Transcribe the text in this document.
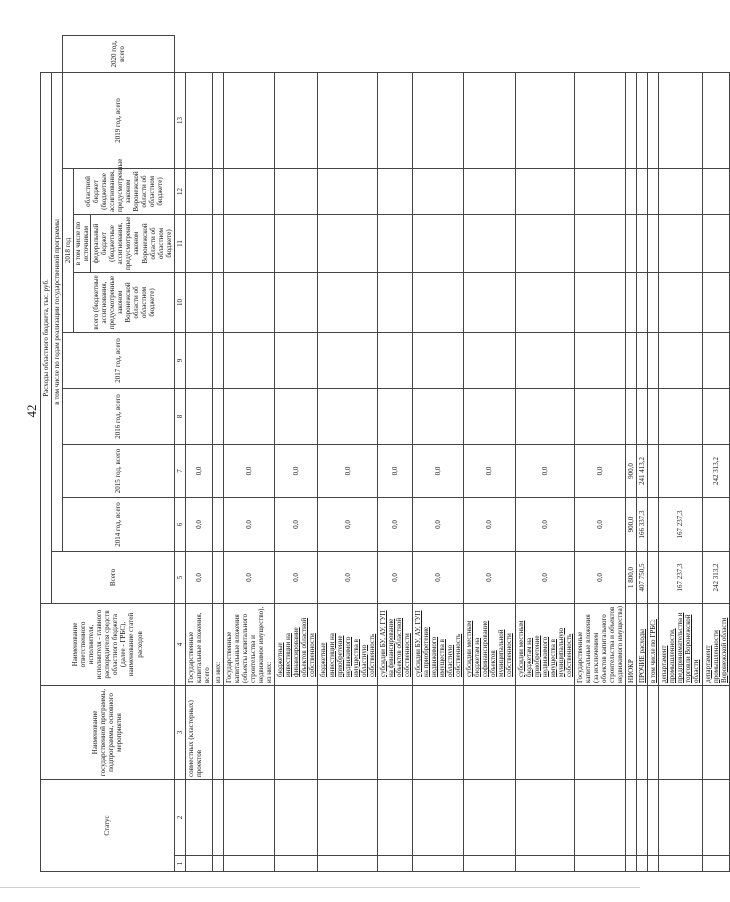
42
Статус		Наименование государственной программы, подпрограммы, основного мероприятия	Наименование ответственного исполнителя, исполнителя - главного распорядителя средств областного бюджета (далее - ГРБС), наименование статей расходов	Расходы областного бюджета, тыс. руб.									
				Всего	в том числе по годам реализации государственной программы								
					2014 год, всего	2015 год, всего	2016 год, всего	2017 год, всего	2018 год			2019 год, всего	2020 год, всего
									всего (бюджетные ассигнования, предусмотренные законом Воронежской области об областном бюджете)	в том числе по источникам федеральный бюджет (бюджетные ассигнования, предусмотренные законом Воронежской области об областном бюджете)	областной бюджет (бюджетные ассигнования, предусмотренные законом Воронежской области об областном бюджете)		
1	2	3	4	5	6	7	8	9	10	11	12	13	
		совместных (кластерных) проектов	Государственные капитальные вложения, всего	0,0	0,0	0,0							
			из них:										
			Государственные капитальные вложения (объекты капитального строительства и недвижимое имущество), из них:	0,0	0,0	0,0							
			бюджетные инвестиции на финансирование объектов областной собственности	0,0	0,0	0,0							
			бюджетные инвестиции на приобретение недвижимого имущества в областную собственность	0,0	0,0	0,0							
			субсидии БУ, АУ, ГУП на финансирование объектов областной собственности	0,0	0,0	0,0							
			субсидии БУ, АУ, ГУП на приобретение недвижимого имущества в областную собственность	0,0	0,0	0,0							
			субсидии местным бюджетам на софинансирование объектов муниципальной собственности	0,0	0,0	0,0							
			субсидии местным бюджетам на приобретение недвижимого имущества в муниципальную собственность	0,0	0,0	0,0							
			Государственные капитальные вложения (за исключением объектов капитального строительства и объектов недвижимого имущества)	0,0	0,0	0,0							
			НИОКР	1 800,0	900,0	900,0							
			ПРОЧИЕ расходы	407 750,5	166 337,3	241 413,2							
			в том числе по ГРБС:										
			департамент промышленности, предпринимательства и торговли Воронежской области	167 237,3	167 237,3								
			департамент промышленности Воронежской области	242 313,2		242 313,2							
